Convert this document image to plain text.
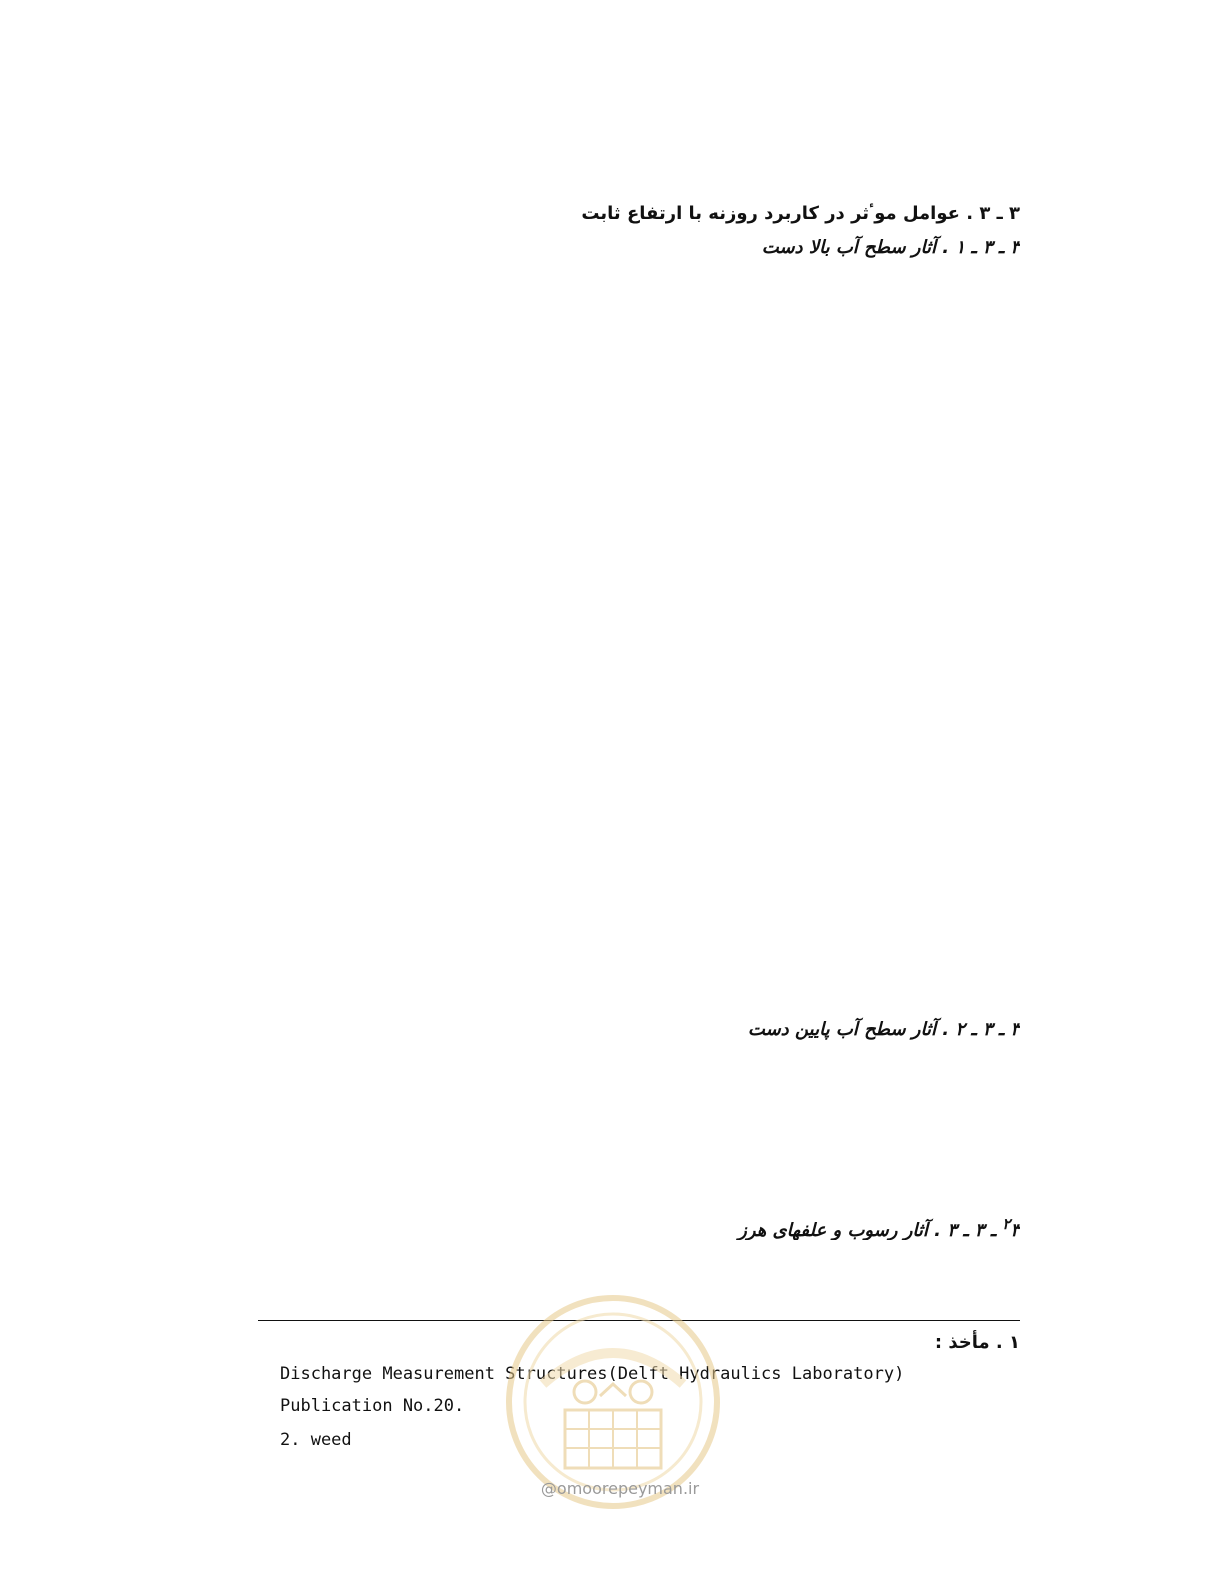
۳ ـ ۳ . عوامل موٴثر در کاربرد روزنه با ارتفاع ثابت
۳ ـ ۳ ـ ۱ . آثار سطح آب بالا دست
۳ ـ ۳ ـ ۲ . آثار سطح آب پایین دست
$^۲$۳ ـ ۳ ـ ۳ . آثار رسوب و علفهای هرز
۱ . مأخذ :
Discharge Measurement Structures(Delft Hydraulics Laboratory)
Publication No.20.
2. weed
@omoorepeyman.ir
